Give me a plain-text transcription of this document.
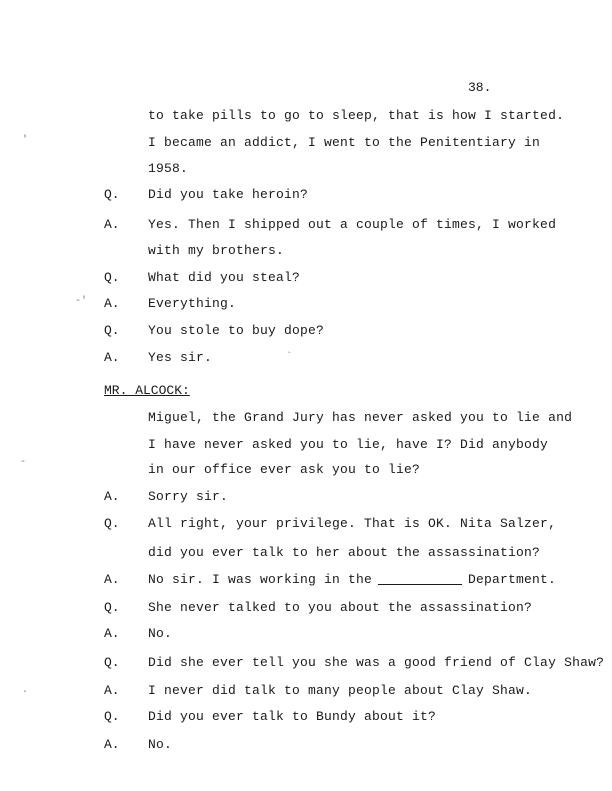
38.
to take pills to go to sleep, that is how I started.
I became an addict, I went to the Penitentiary in
1958.
Q. Did you take heroin?
A. Yes. Then I shipped out a couple of times, I worked
with my brothers.
Q. What did you steal?
A. Everything.
Q. You stole to buy dope?
A. Yes sir.
MR. ALCOCK:
Miguel, the Grand Jury has never asked you to lie and
I have never asked you to lie, have I? Did anybody
in our office ever ask you to lie?
A. Sorry sir.
Q. All right, your privilege. That is OK. Nita Salzer,
did you ever talk to her about the assassination?
A. No sir. I was working in the	Department.
Q. She never talked to you about the assassination?
A. No.
Q. Did she ever tell you she was a good friend of Clay Shaw?
A. I never did talk to many people about Clay Shaw.
Q. Did you ever talk to Bundy about it?
A. No.
'
-'
-
`
.
